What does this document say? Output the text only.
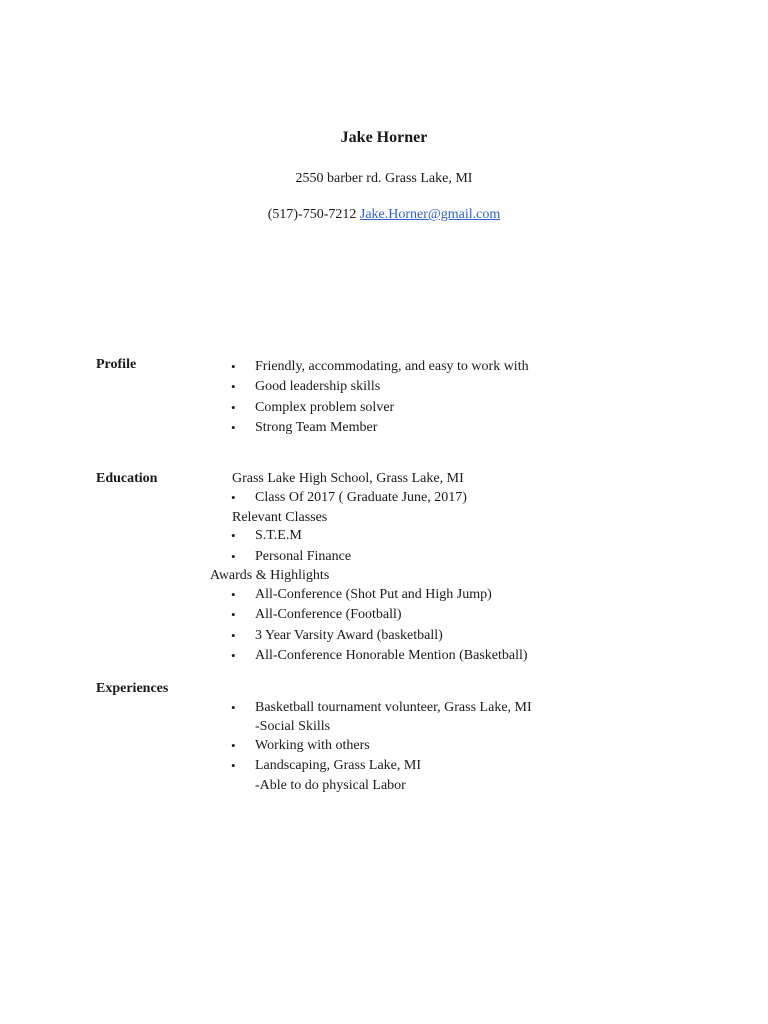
Jake Horner
2550 barber rd. Grass Lake, MI
(517)-750-7212 Jake.Horner@gmail.com
Profile	• Friendly, accommodating, and easy to work with
• Good leadership skills
• Complex problem solver
• Strong Team Member
Education	Grass Lake High School, Grass Lake, MI
• Class Of 2017 ( Graduate June, 2017)
Relevant Classes
• S.T.E.M
• Personal Finance
Awards & Highlights
• All-Conference (Shot Put and High Jump)
• All-Conference (Football)
• 3 Year Varsity Award (basketball)
• All-Conference Honorable Mention (Basketball)
Experiences
• Basketball tournament volunteer, Grass Lake, MI
-Social Skills
• Working with others
• Landscaping, Grass Lake, MI
-Able to do physical Labor
